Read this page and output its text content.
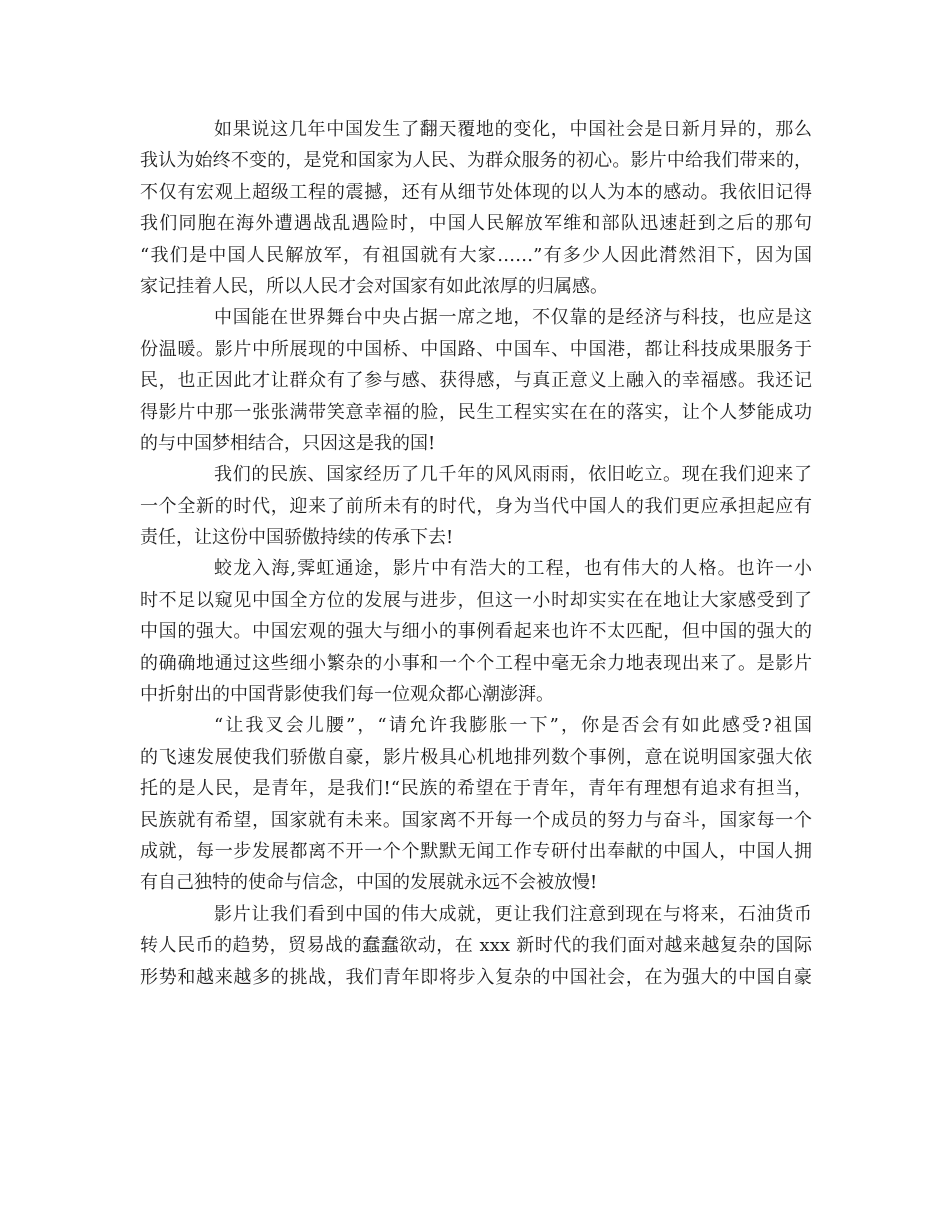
如果说这几年中国发生了翻天覆地的变化，中国社会是日新月异的，那么
我认为始终不变的，是党和国家为人民、为群众服务的初心。影片中给我们带来的，
不仅有宏观上超级工程的震撼，还有从细节处体现的以人为本的感动。我依旧记得
我们同胞在海外遭遇战乱遇险时，中国人民解放军维和部队迅速赶到之后的那句
“我们是中国人民解放军，有祖国就有大家……”有多少人因此潸然泪下，因为国
家记挂着人民，所以人民才会对国家有如此浓厚的归属感。
中国能在世界舞台中央占据一席之地，不仅靠的是经济与科技，也应是这
份温暖。影片中所展现的中国桥、中国路、中国车、中国港，都让科技成果服务于
民，也正因此才让群众有了参与感、获得感，与真正意义上融入的幸福感。我还记
得影片中那一张张满带笑意幸福的脸，民生工程实实在在的落实，让个人梦能成功
的与中国梦相结合，只因这是我的国!
我们的民族、国家经历了几千年的风风雨雨，依旧屹立。现在我们迎来了
一个全新的时代，迎来了前所未有的时代，身为当代中国人的我们更应承担起应有
责任，让这份中国骄傲持续的传承下去!
蛟龙入海,霁虹通途，影片中有浩大的工程，也有伟大的人格。也许一小
时不足以窥见中国全方位的发展与进步，但这一小时却实实在在地让大家感受到了
中国的强大。中国宏观的强大与细小的事例看起来也许不太匹配，但中国的强大的
的确确地通过这些细小繁杂的小事和一个个工程中毫无余力地表现出来了。是影片
中折射出的中国背影使我们每一位观众都心潮澎湃。
“让我叉会儿腰”，“请允许我膨胀一下”，你是否会有如此感受?祖国
的飞速发展使我们骄傲自豪，影片极具心机地排列数个事例，意在说明国家强大依
托的是人民，是青年，是我们!“民族的希望在于青年，青年有理想有追求有担当，
民族就有希望，国家就有未来。国家离不开每一个成员的努力与奋斗，国家每一个
成就，每一步发展都离不开一个个默默无闻工作专研付出奉献的中国人，中国人拥
有自己独特的使命与信念，中国的发展就永远不会被放慢!
影片让我们看到中国的伟大成就，更让我们注意到现在与将来，石油货币
转人民币的趋势，贸易战的蠢蠢欲动，在 xxx 新时代的我们面对越来越复杂的国际
形势和越来越多的挑战，我们青年即将步入复杂的中国社会，在为强大的中国自豪
